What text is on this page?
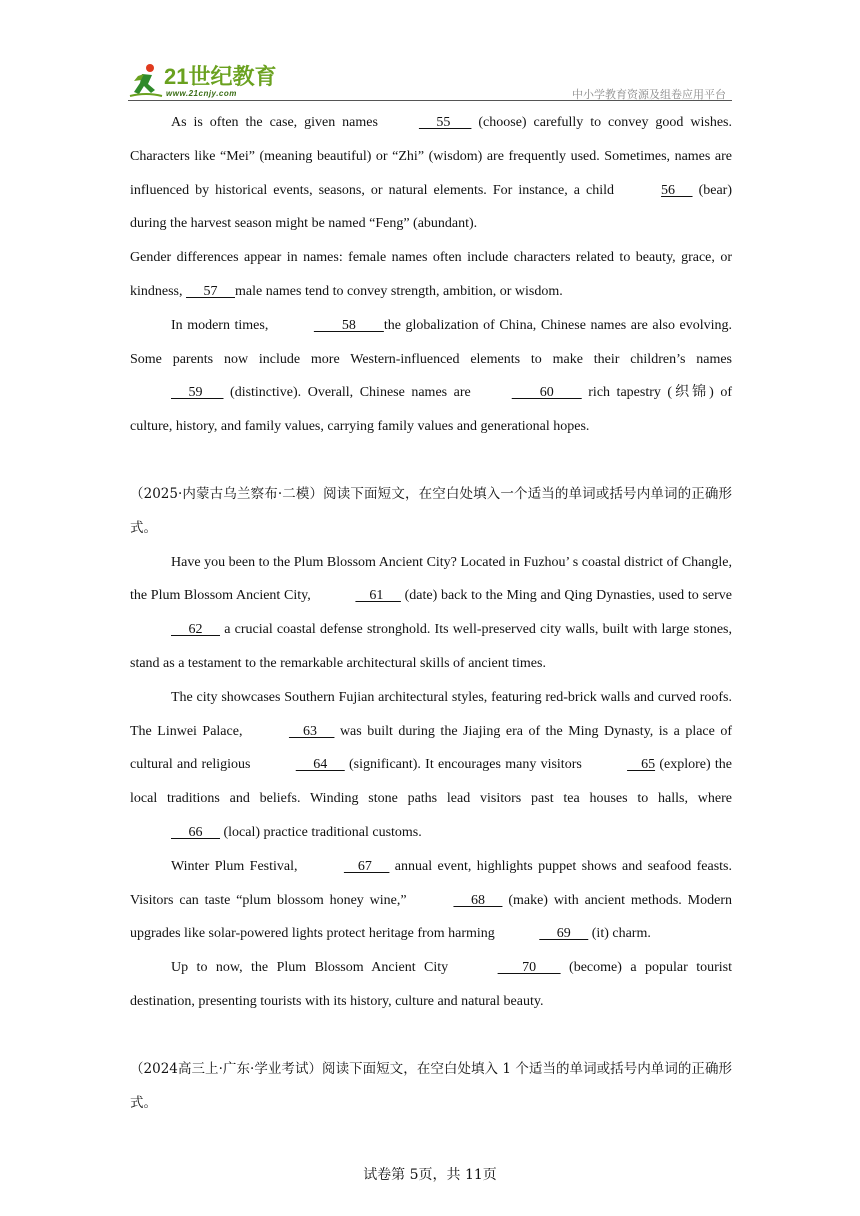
21世纪教育
www.21cnjy.com	中小学教育资源及组卷应用平台

As is often the case, given names	55       (choose) carefully to convey good wishes. Characters like “Mei” (meaning beautiful) or “Zhi” (wisdom) are frequently used. Sometimes, names are influenced by historical events, seasons, or natural elements. For instance, a child	56      (bear) during the harvest season might be named “Feng” (abundant).

Gender differences appear in names: female names often include characters related to beauty, grace, or kindness,      57     male names tend to convey strength, ambition, or wisdom.

In modern times,	58        the globalization of China, Chinese names are also evolving. Some parents now include more Western-influenced elements to make their children’s names      59       (distinctive). Overall, Chinese names are	60         rich tapestry (织锦) of culture, history, and family values, carrying family values and generational hopes.

（2025·内蒙古乌兰察布·二模）阅读下面短文，在空白处填入一个适当的单词或括号内单词的正确形式。

Have you been to the Plum Blossom Ancient City? Located in Fuzhou’ s coastal district of Changle, the Plum Blossom Ancient City,	61      (date) back to the Ming and Qing Dynasties, used to serve      62      a crucial coastal defense stronghold. Its well-preserved city walls, built with large stones, stand as a testament to the remarkable architectural skills of ancient times.

The city showcases Southern Fujian architectural styles, featuring red-brick walls and curved roofs. The Linwei Palace,	63      was built during the Jiajing era of the Ming Dynasty, is a place of cultural and religious	64      (significant). It encourages many visitors	65 (explore) the local traditions and beliefs. Winding stone paths lead visitors past tea houses to halls, where      66      (local) practice traditional customs.

Winter Plum Festival,	67      annual event, highlights puppet shows and seafood feasts. Visitors can taste “plum blossom honey wine,”	68      (make) with ancient methods. Modern upgrades like solar-powered lights protect heritage from harming	69      (it) charm.

Up to now, the Plum Blossom Ancient City	70        (become) a popular tourist destination, presenting tourists with its history, culture and natural beauty.

（2024高三上·广东·学业考试）阅读下面短文，在空白处填入 1 个适当的单词或括号内单词的正确形式。

试卷第 5页，共 11页
